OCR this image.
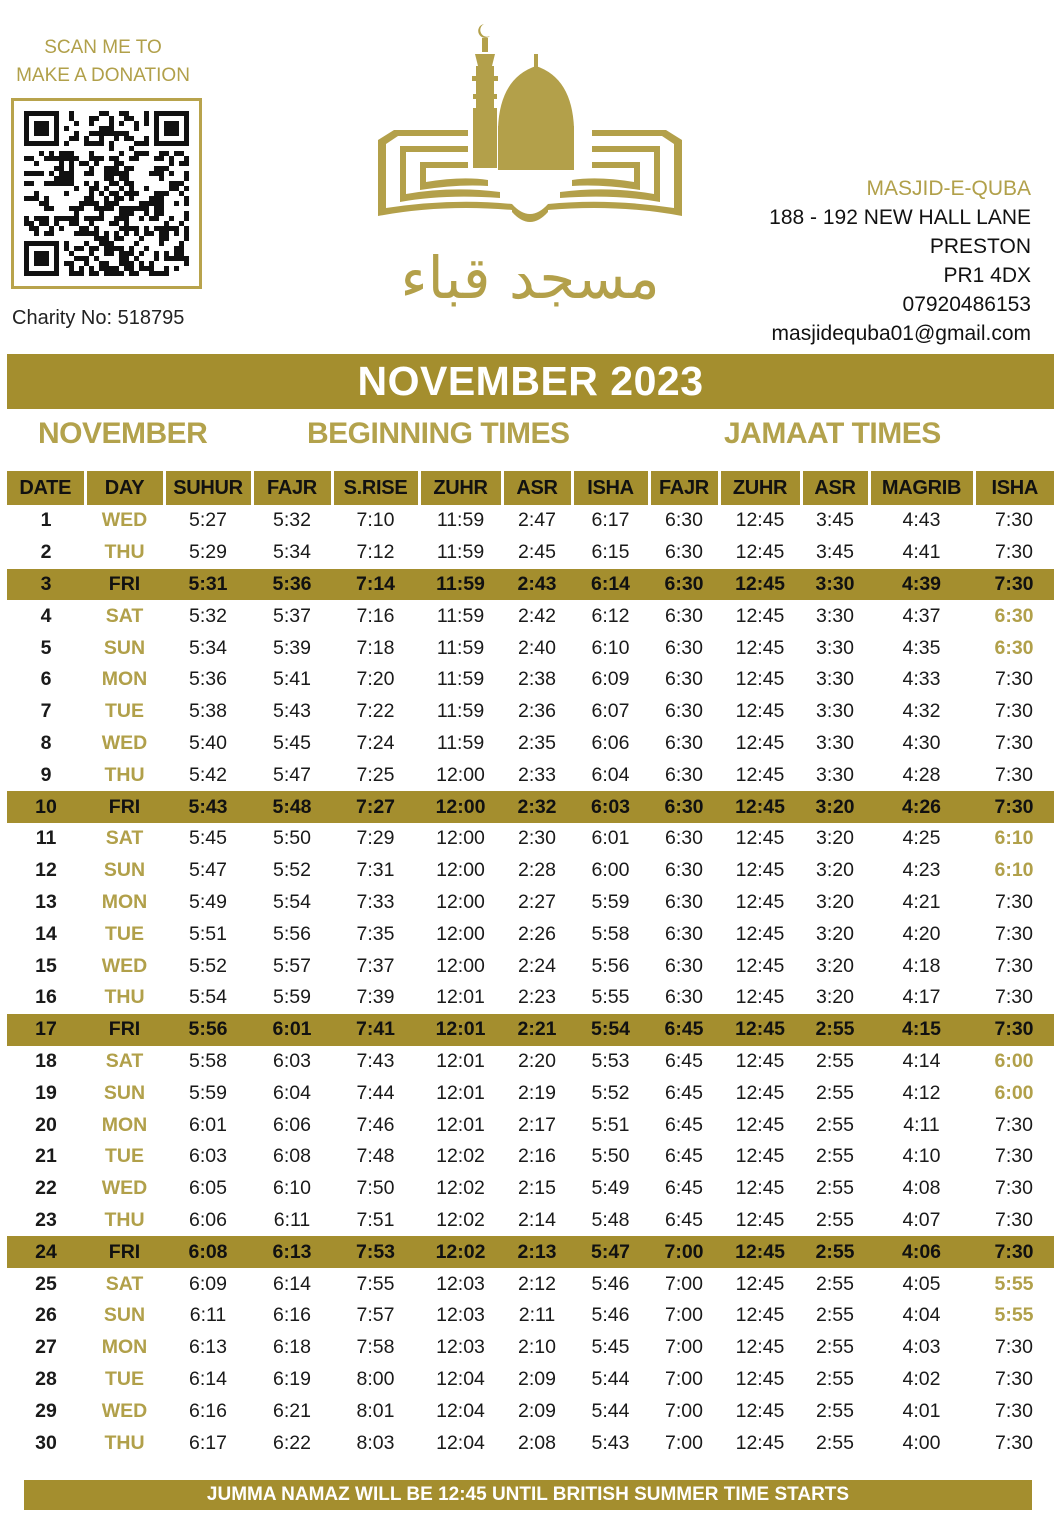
SCAN ME TO
MAKE A DONATION
Charity No: 518795
مسجد قباء
MASJID-E-QUBA
188 - 192 NEW HALL LANE
PRESTON
PR1 4DX
07920486153
masjidequba01@gmail.com
NOVEMBER 2023
NOVEMBER	BEGINNING TIMES	JAMAAT TIMES
DATE	DAY	SUHUR	FAJR	S.RISE	ZUHR	ASR	ISHA	FAJR	ZUHR	ASR	MAGRIB	ISHA
1	WED	5:27	5:32	7:10	11:59	2:47	6:17	6:30	12:45	3:45	4:43	7:30
2	THU	5:29	5:34	7:12	11:59	2:45	6:15	6:30	12:45	3:45	4:41	7:30
3	FRI	5:31	5:36	7:14	11:59	2:43	6:14	6:30	12:45	3:30	4:39	7:30
4	SAT	5:32	5:37	7:16	11:59	2:42	6:12	6:30	12:45	3:30	4:37	6:30
5	SUN	5:34	5:39	7:18	11:59	2:40	6:10	6:30	12:45	3:30	4:35	6:30
6	MON	5:36	5:41	7:20	11:59	2:38	6:09	6:30	12:45	3:30	4:33	7:30
7	TUE	5:38	5:43	7:22	11:59	2:36	6:07	6:30	12:45	3:30	4:32	7:30
8	WED	5:40	5:45	7:24	11:59	2:35	6:06	6:30	12:45	3:30	4:30	7:30
9	THU	5:42	5:47	7:25	12:00	2:33	6:04	6:30	12:45	3:30	4:28	7:30
10	FRI	5:43	5:48	7:27	12:00	2:32	6:03	6:30	12:45	3:20	4:26	7:30
11	SAT	5:45	5:50	7:29	12:00	2:30	6:01	6:30	12:45	3:20	4:25	6:10
12	SUN	5:47	5:52	7:31	12:00	2:28	6:00	6:30	12:45	3:20	4:23	6:10
13	MON	5:49	5:54	7:33	12:00	2:27	5:59	6:30	12:45	3:20	4:21	7:30
14	TUE	5:51	5:56	7:35	12:00	2:26	5:58	6:30	12:45	3:20	4:20	7:30
15	WED	5:52	5:57	7:37	12:00	2:24	5:56	6:30	12:45	3:20	4:18	7:30
16	THU	5:54	5:59	7:39	12:01	2:23	5:55	6:30	12:45	3:20	4:17	7:30
17	FRI	5:56	6:01	7:41	12:01	2:21	5:54	6:45	12:45	2:55	4:15	7:30
18	SAT	5:58	6:03	7:43	12:01	2:20	5:53	6:45	12:45	2:55	4:14	6:00
19	SUN	5:59	6:04	7:44	12:01	2:19	5:52	6:45	12:45	2:55	4:12	6:00
20	MON	6:01	6:06	7:46	12:01	2:17	5:51	6:45	12:45	2:55	4:11	7:30
21	TUE	6:03	6:08	7:48	12:02	2:16	5:50	6:45	12:45	2:55	4:10	7:30
22	WED	6:05	6:10	7:50	12:02	2:15	5:49	6:45	12:45	2:55	4:08	7:30
23	THU	6:06	6:11	7:51	12:02	2:14	5:48	6:45	12:45	2:55	4:07	7:30
24	FRI	6:08	6:13	7:53	12:02	2:13	5:47	7:00	12:45	2:55	4:06	7:30
25	SAT	6:09	6:14	7:55	12:03	2:12	5:46	7:00	12:45	2:55	4:05	5:55
26	SUN	6:11	6:16	7:57	12:03	2:11	5:46	7:00	12:45	2:55	4:04	5:55
27	MON	6:13	6:18	7:58	12:03	2:10	5:45	7:00	12:45	2:55	4:03	7:30
28	TUE	6:14	6:19	8:00	12:04	2:09	5:44	7:00	12:45	2:55	4:02	7:30
29	WED	6:16	6:21	8:01	12:04	2:09	5:44	7:00	12:45	2:55	4:01	7:30
30	THU	6:17	6:22	8:03	12:04	2:08	5:43	7:00	12:45	2:55	4:00	7:30
JUMMA NAMAZ WILL BE 12:45 UNTIL BRITISH SUMMER TIME STARTS
